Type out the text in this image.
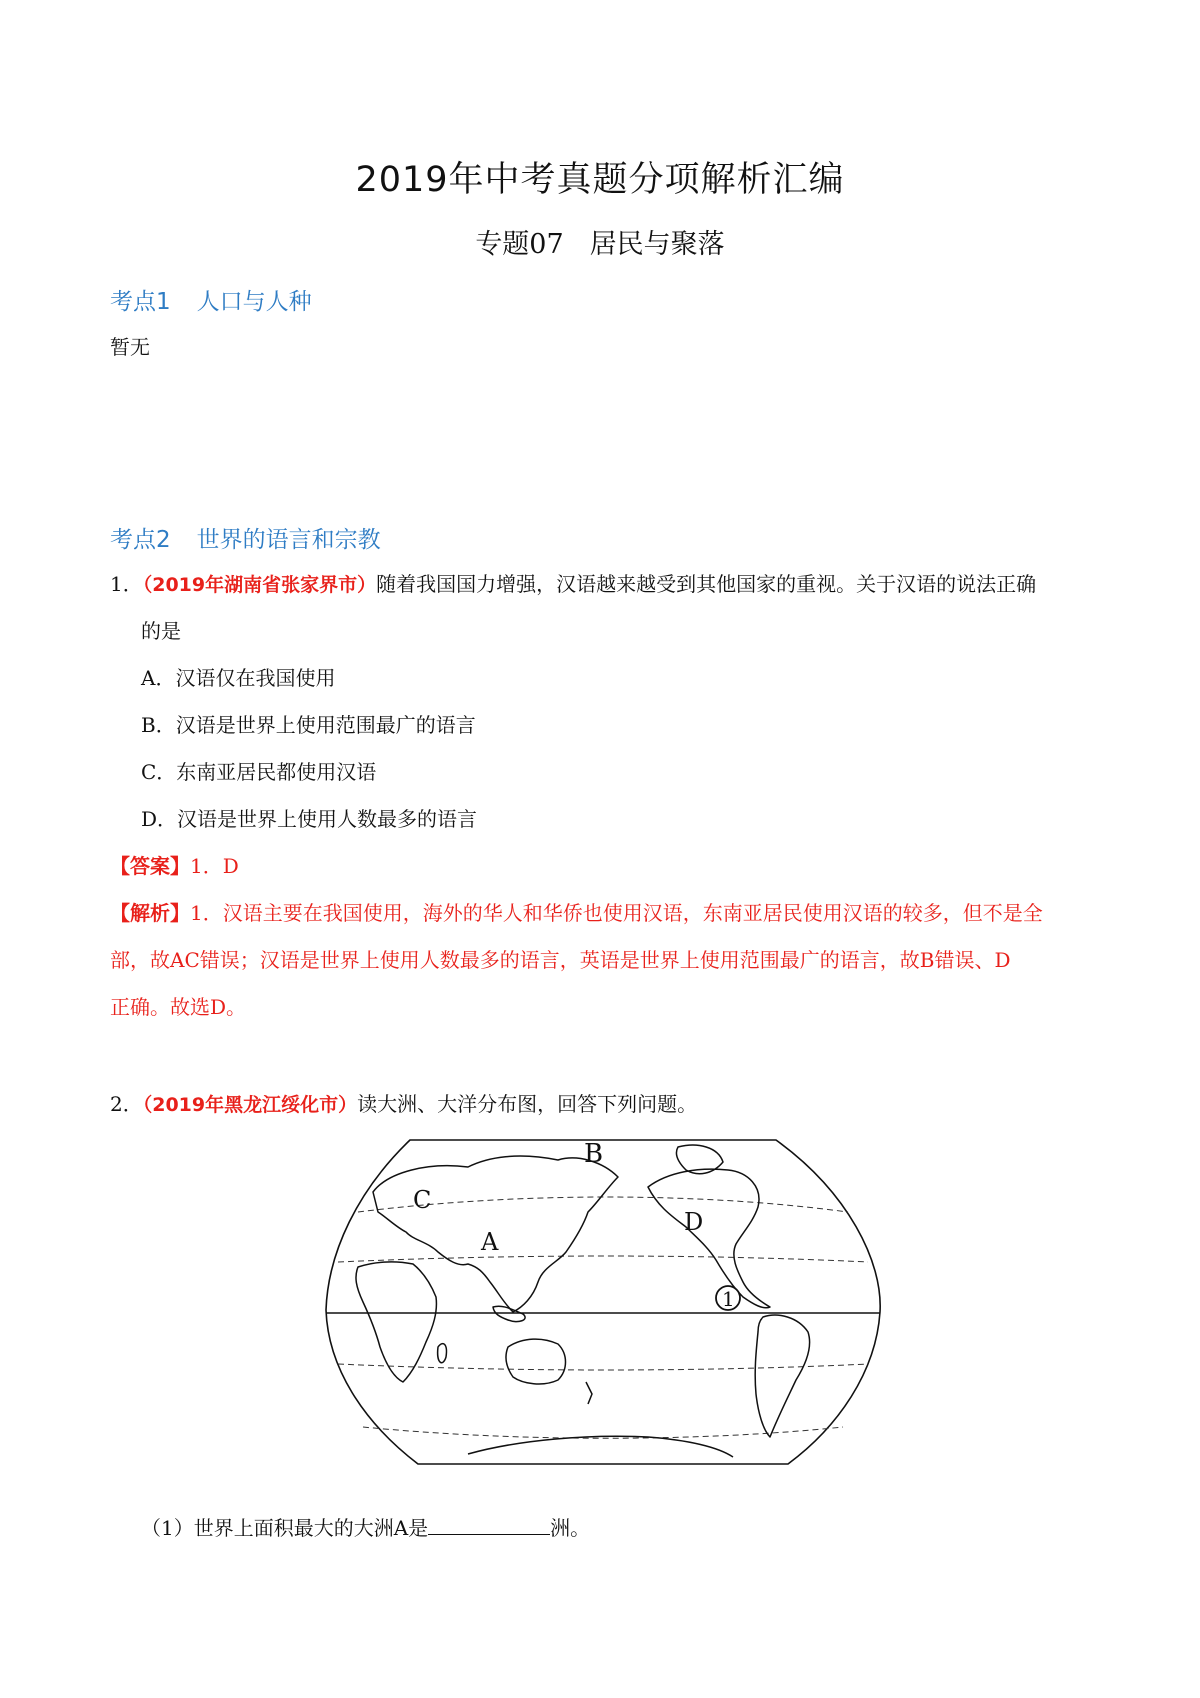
2019年中考真题分项解析汇编
专题07 居民与聚落
考点1 人口与人种
暂无
考点2 世界的语言和宗教
1．（2019年湖南省张家界市）随着我国国力增强，汉语越来越受到其他国家的重视。关于汉语的说法正确
的是
A．汉语仅在我国使用
B．汉语是世界上使用范围最广的语言
C．东南亚居民都使用汉语
D．汉语是世界上使用人数最多的语言
【答案】1．D
【解析】1．汉语主要在我国使用，海外的华人和华侨也使用汉语，东南亚居民使用汉语的较多，但不是全
部，故AC错误；汉语是世界上使用人数最多的语言，英语是世界上使用范围最广的语言，故B错误、D
正确。故选D。
2．（2019年黑龙江绥化市）读大洲、大洋分布图，回答下列问题。
B
C
D
A
1
（1）世界上面积最大的大洲A是	洲。
